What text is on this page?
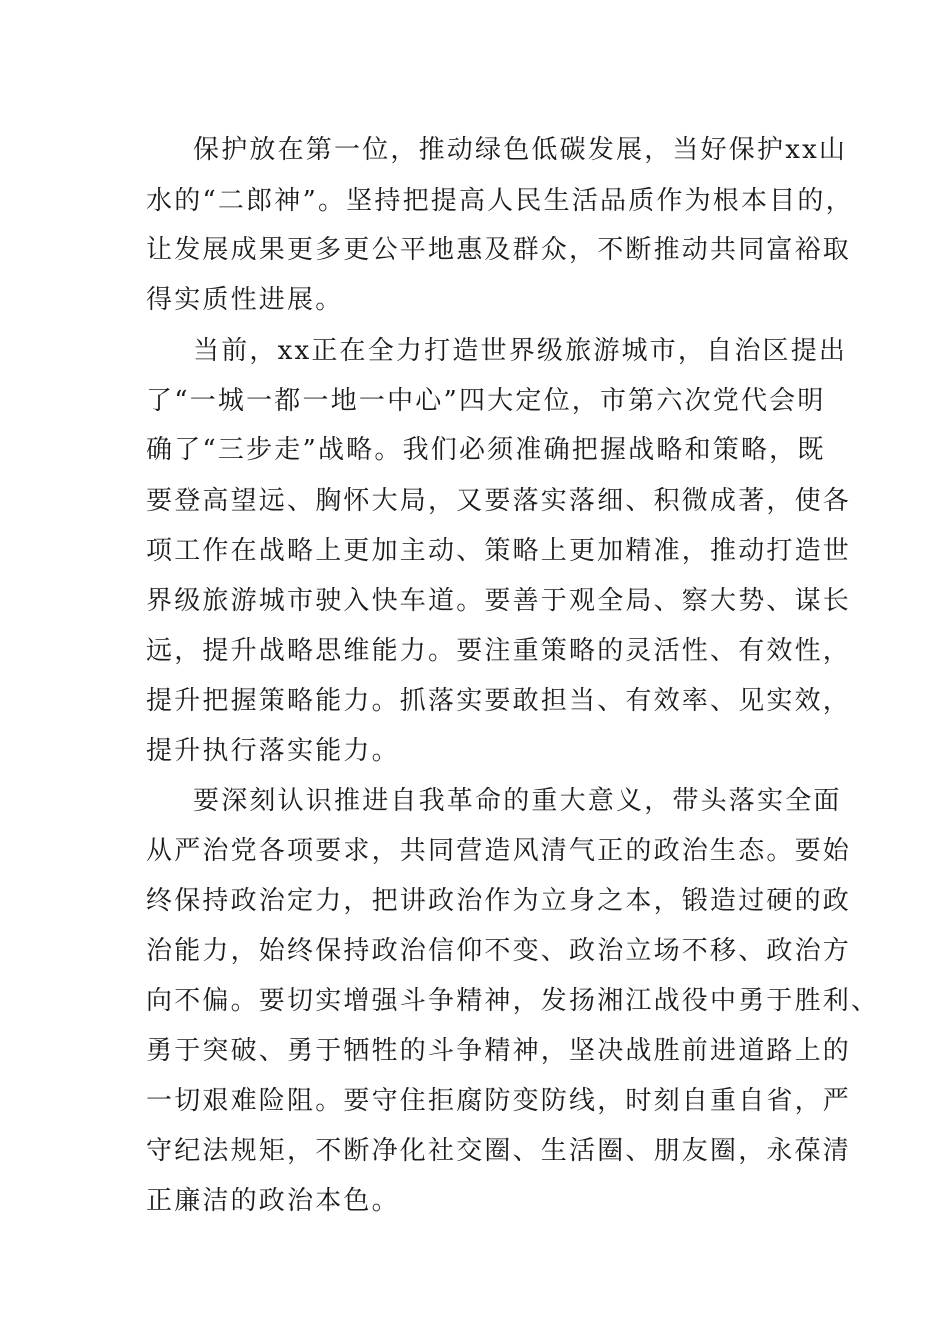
保护放在第一位，推动绿色低碳发展，当好保护xx山
水的“二郎神”。坚持把提高人民生活品质作为根本目的，
让发展成果更多更公平地惠及群众，不断推动共同富裕取
得实质性进展。
当前，xx正在全力打造世界级旅游城市，自治区提出
了“一城一都一地一中心”四大定位，市第六次党代会明
确了“三步走”战略。我们必须准确把握战略和策略，既
要登高望远、胸怀大局，又要落实落细、积微成著，使各
项工作在战略上更加主动、策略上更加精准，推动打造世
界级旅游城市驶入快车道。要善于观全局、察大势、谋长
远，提升战略思维能力。要注重策略的灵活性、有效性，
提升把握策略能力。抓落实要敢担当、有效率、见实效，
提升执行落实能力。
要深刻认识推进自我革命的重大意义，带头落实全面
从严治党各项要求，共同营造风清气正的政治生态。要始
终保持政治定力，把讲政治作为立身之本，锻造过硬的政
治能力，始终保持政治信仰不变、政治立场不移、政治方
向不偏。要切实增强斗争精神，发扬湘江战役中勇于胜利、
勇于突破、勇于牺牲的斗争精神，坚决战胜前进道路上的
一切艰难险阻。要守住拒腐防变防线，时刻自重自省，严
守纪法规矩，不断净化社交圈、生活圈、朋友圈，永葆清
正廉洁的政治本色。
